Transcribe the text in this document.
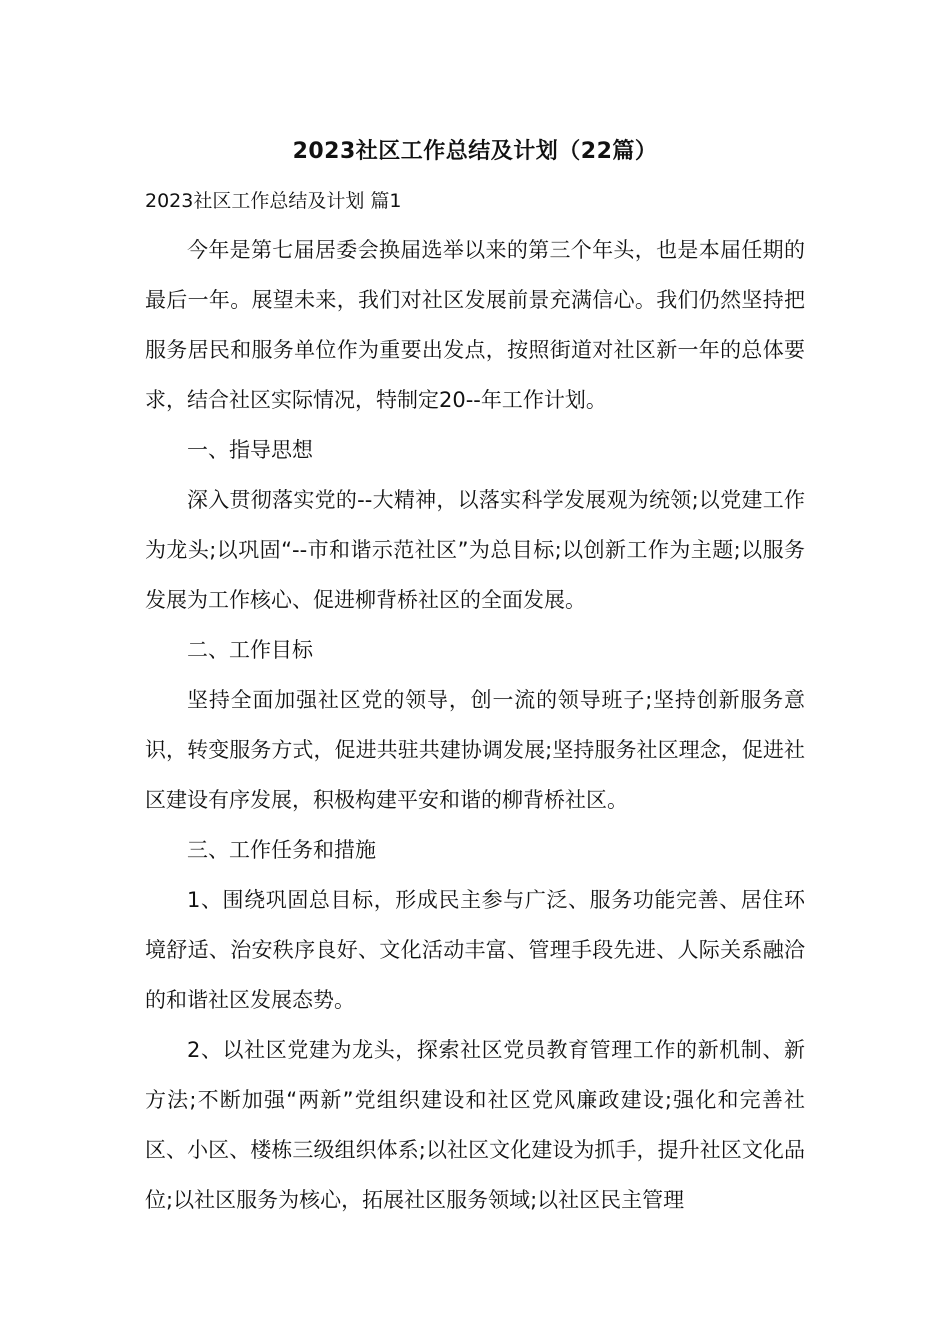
2023社区工作总结及计划（22篇）
2023社区工作总结及计划 篇1

今年是第七届居委会换届选举以来的第三个年头，也是本届任期的最后一年。展望未来，我们对社区发展前景充满信心。我们仍然坚持把服务居民和服务单位作为重要出发点，按照街道对社区新一年的总体要求，结合社区实际情况，特制定20--年工作计划。

一、指导思想

深入贯彻落实党的--大精神，以落实科学发展观为统领;以党建工作为龙头;以巩固“--市和谐示范社区”为总目标;以创新工作为主题;以服务发展为工作核心、促进柳背桥社区的全面发展。

二、工作目标

坚持全面加强社区党的领导，创一流的领导班子;坚持创新服务意识，转变服务方式，促进共驻共建协调发展;坚持服务社区理念，促进社区建设有序发展，积极构建平安和谐的柳背桥社区。

三、工作任务和措施

1、围绕巩固总目标，形成民主参与广泛、服务功能完善、居住环境舒适、治安秩序良好、文化活动丰富、管理手段先进、人际关系融洽的和谐社区发展态势。

2、以社区党建为龙头，探索社区党员教育管理工作的新机制、新方法;不断加强“两新”党组织建设和社区党风廉政建设;强化和完善社区、小区、楼栋三级组织体系;以社区文化建设为抓手，提升社区文化品位;以社区服务为核心，拓展社区服务领域;以社区民主管理
